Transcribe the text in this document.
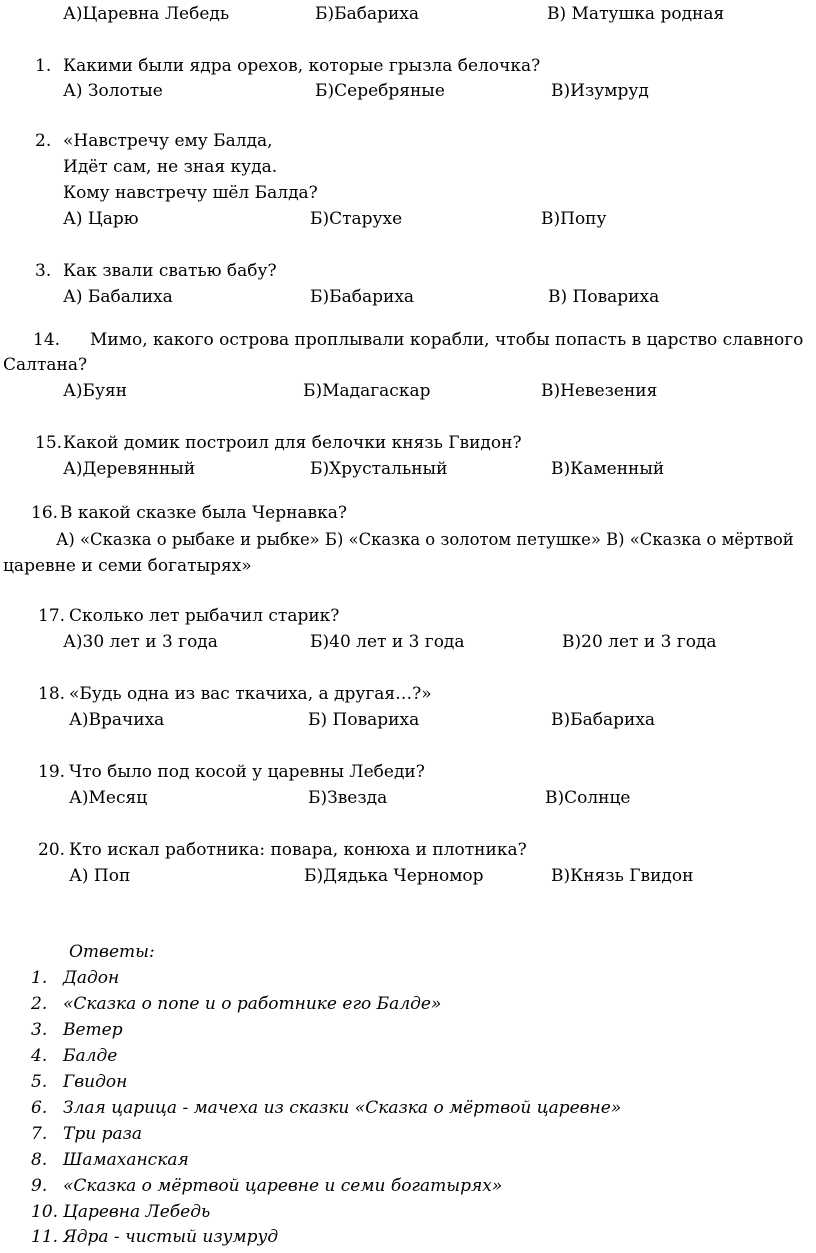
А)Царевна Лебедь	Б)Бабариха	В) Матушка родная
1. Какими были ядра орехов, которые грызла белочка?
А) Золотые	Б)Серебряные	В)Изумруд
2. «Навстречу ему Балда,
Идёт сам, не зная куда.
Кому навстречу шёл Балда?
А) Царю	Б)Старухе	В)Попу
3. Как звали сватью бабу?
А) Бабалиха	Б)Бабариха	В) Повариха
14. Мимо, какого острова проплывали корабли, чтобы попасть в царство славного
Салтана?
А)Буян	Б)Мадагаскар	В)Невезения
15. Какой домик построил для белочки князь Гвидон?
А)Деревянный	Б)Хрустальный	В)Каменный
16. В какой сказке была Чернавка?
А) «Сказка о рыбаке и рыбке» Б) «Сказка о золотом петушке» В) «Сказка о мёртвой
царевне и семи богатырях»
17. Сколько лет рыбачил старик?
А)30 лет и 3 года	Б)40 лет и 3 года	В)20 лет и 3 года
18. «Будь одна из вас ткачиха, а другая…?»
А)Врачиха	Б) Повариха	В)Бабариха
19. Что было под косой у царевны Лебеди?
А)Месяц	Б)Звезда	В)Солнце
20. Кто искал работника: повара, конюха и плотника?
А) Поп	Б)Дядька Черномор	В)Князь Гвидон
Ответы:
1. Дадон
2. «Сказка о попе и о работнике его Балде»
3. Ветер
4. Балде
5. Гвидон
6. Злая царица - мачеха из сказки «Сказка о мёртвой царевне»
7. Три раза
8. Шамаханская
9. «Сказка о мёртвой царевне и семи богатырях»
10. Царевна Лебедь
11. Ядра - чистый изумруд
